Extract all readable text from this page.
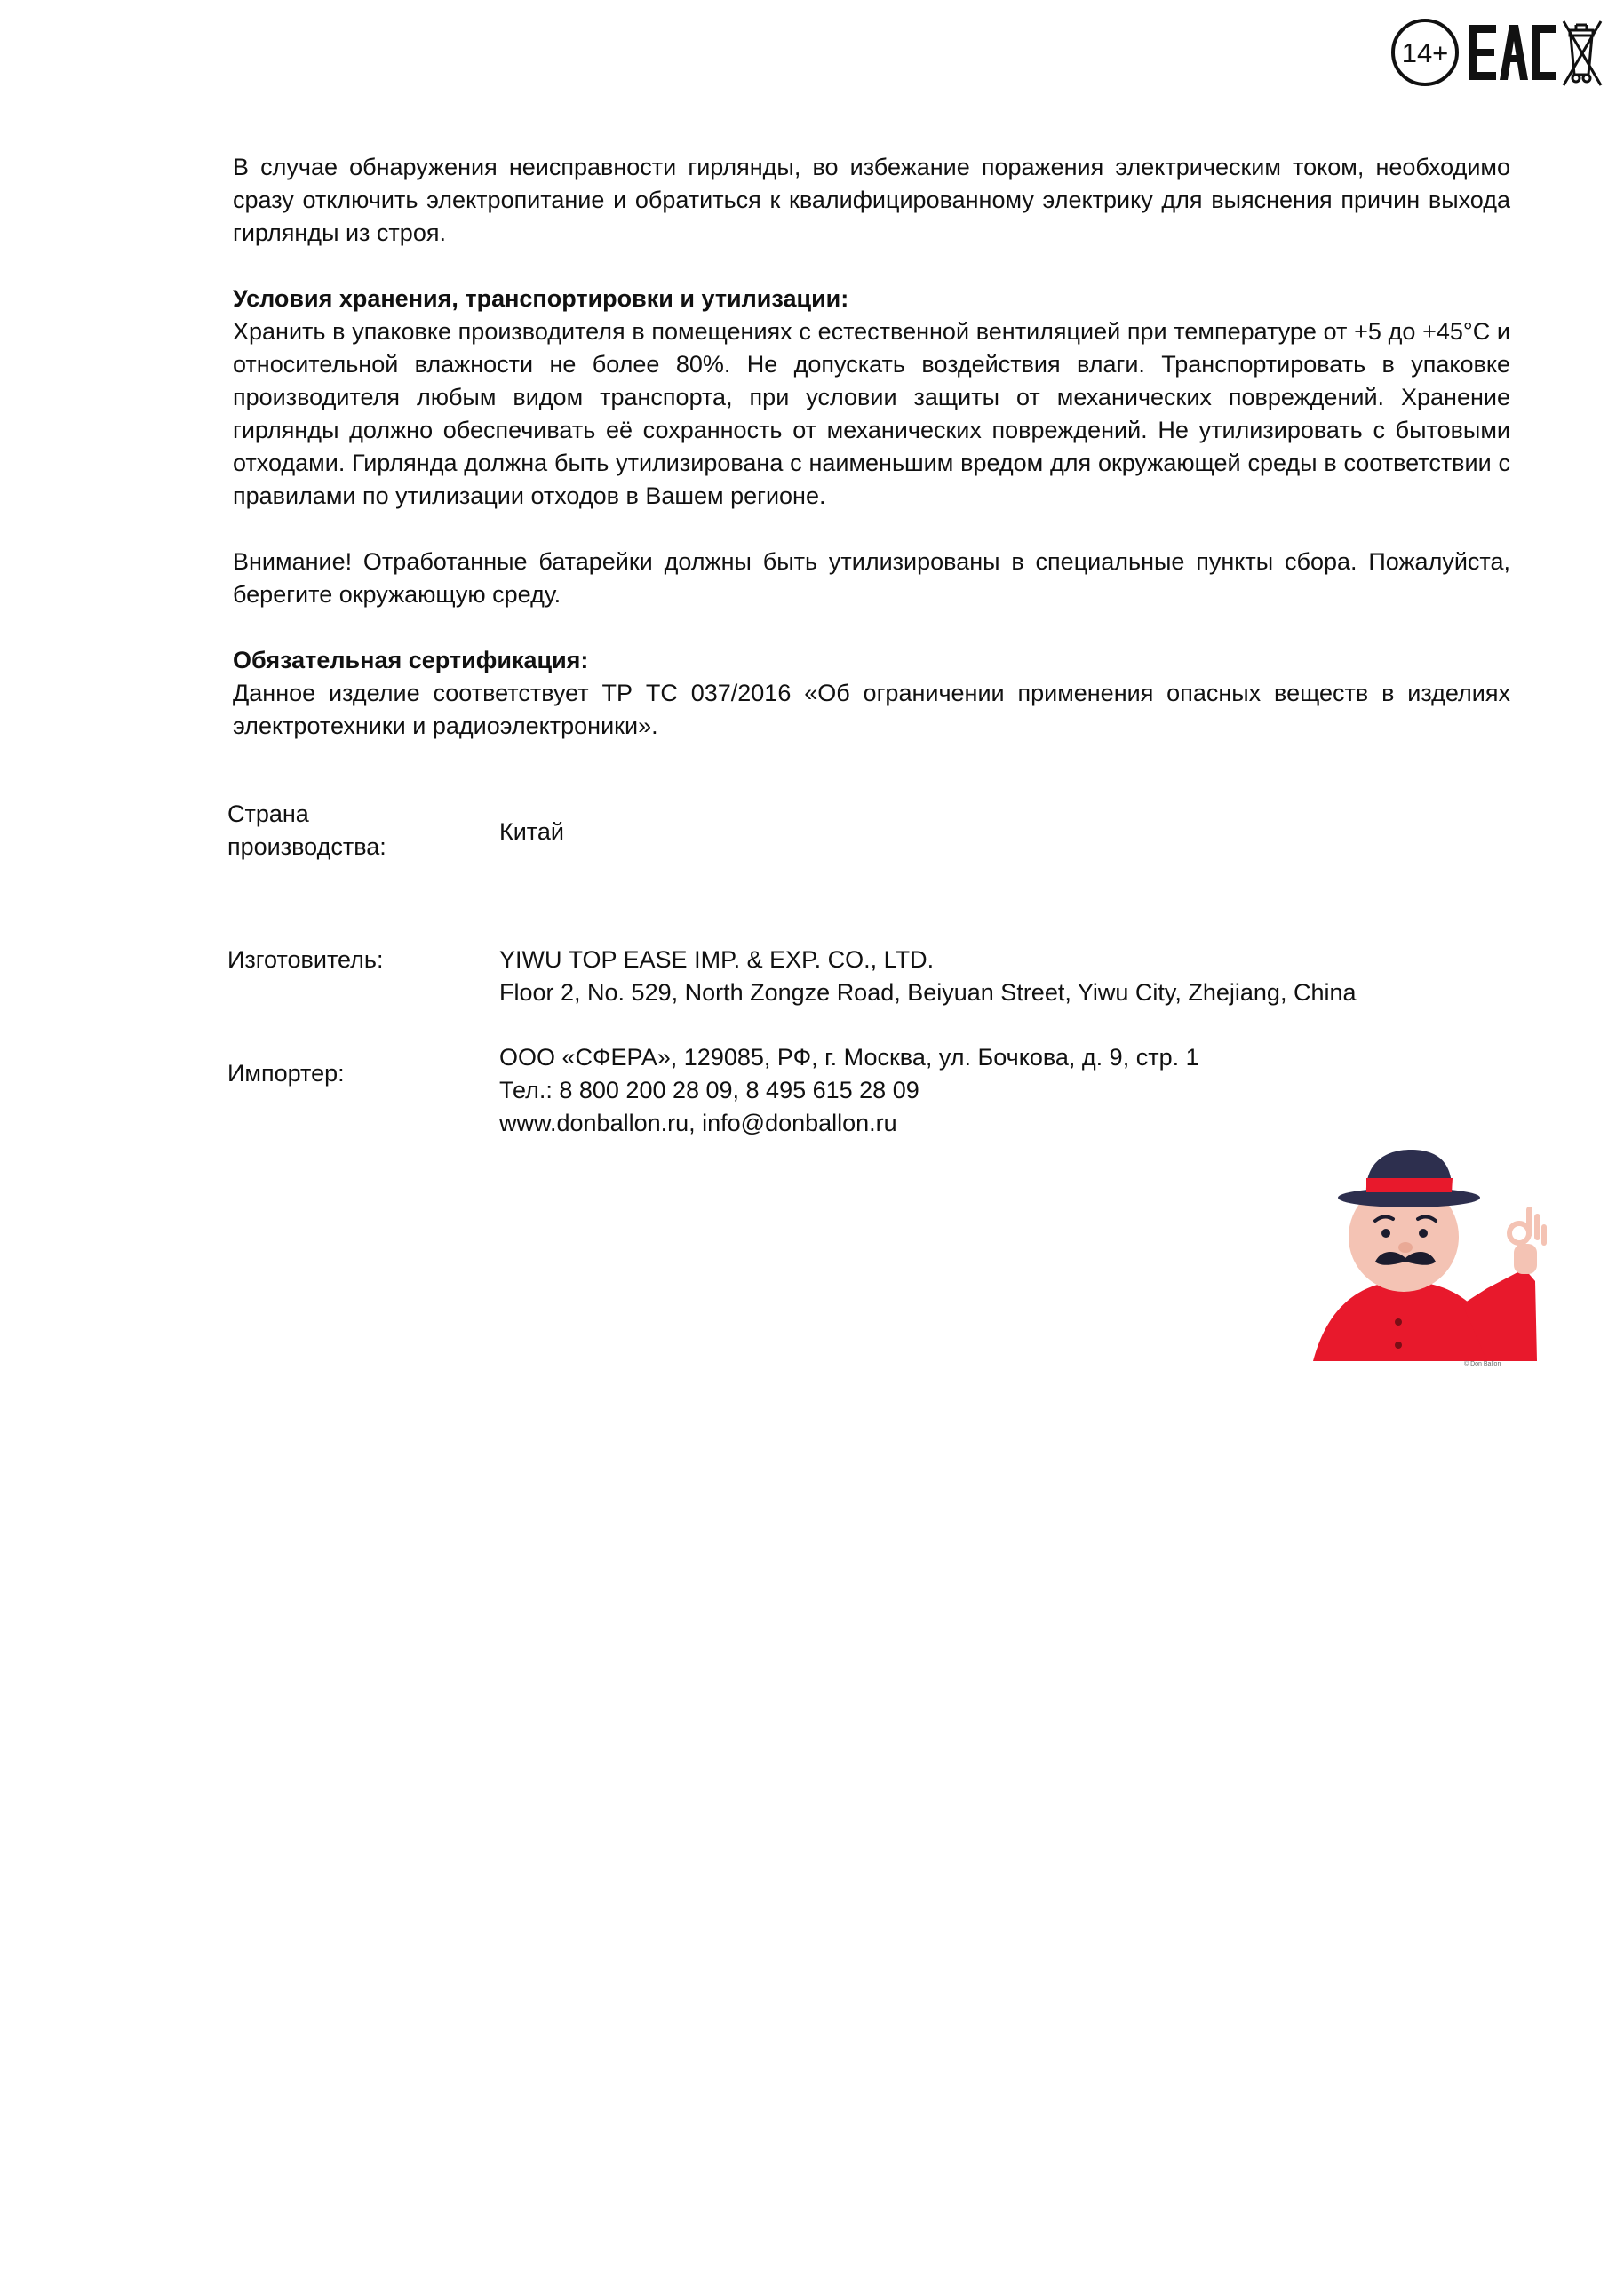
14+

В случае обнаружения неисправности гирлянды, во избежание поражения электрическим током, необходимо сразу отключить электропитание и обратиться к квалифицированному электрику для выяснения причин выхода гирлянды из строя.

Условия хранения, транспортировки и утилизации:

Хранить в упаковке производителя в помещениях с естественной вентиляцией при температуре от +5 до +45°С и относительной влажности не более 80%. Не допускать воздействия влаги. Транспортировать в упаковке производителя любым видом транспорта, при условии защиты от механических повреждений. Хранение гирлянды должно обеспечивать её сохранность от механических повреждений. Не утилизировать с бытовыми отходами. Гирлянда должна быть утилизирована с наименьшим вредом для окружающей среды в соответствии с правилами по утилизации отходов в Вашем регионе.

Внимание! Отработанные батарейки должны быть утилизированы в специальные пункты сбора. Пожалуйста, берегите окружающую среду.

Обязательная сертификация:

Данное изделие соответствует ТР ТС 037/2016 «Об ограничении применения опасных веществ в изделиях электротехники и радиоэлектроники».

Страна
производства:
Китай
Изготовитель:	YIWU TOP EASE IMP. & EXP. CO., LTD.
Floor 2, No. 529, North Zongze Road, Beiyuan Street, Yiwu City, Zhejiang, China
Импортер:
ООО «СФЕРА», 129085, РФ, г. Москва, ул. Бочкова, д. 9, стр. 1
Тел.: 8 800 200 28 09, 8 495 615 28 09
www.donballon.ru, info@donballon.ru
© Don Ballon
